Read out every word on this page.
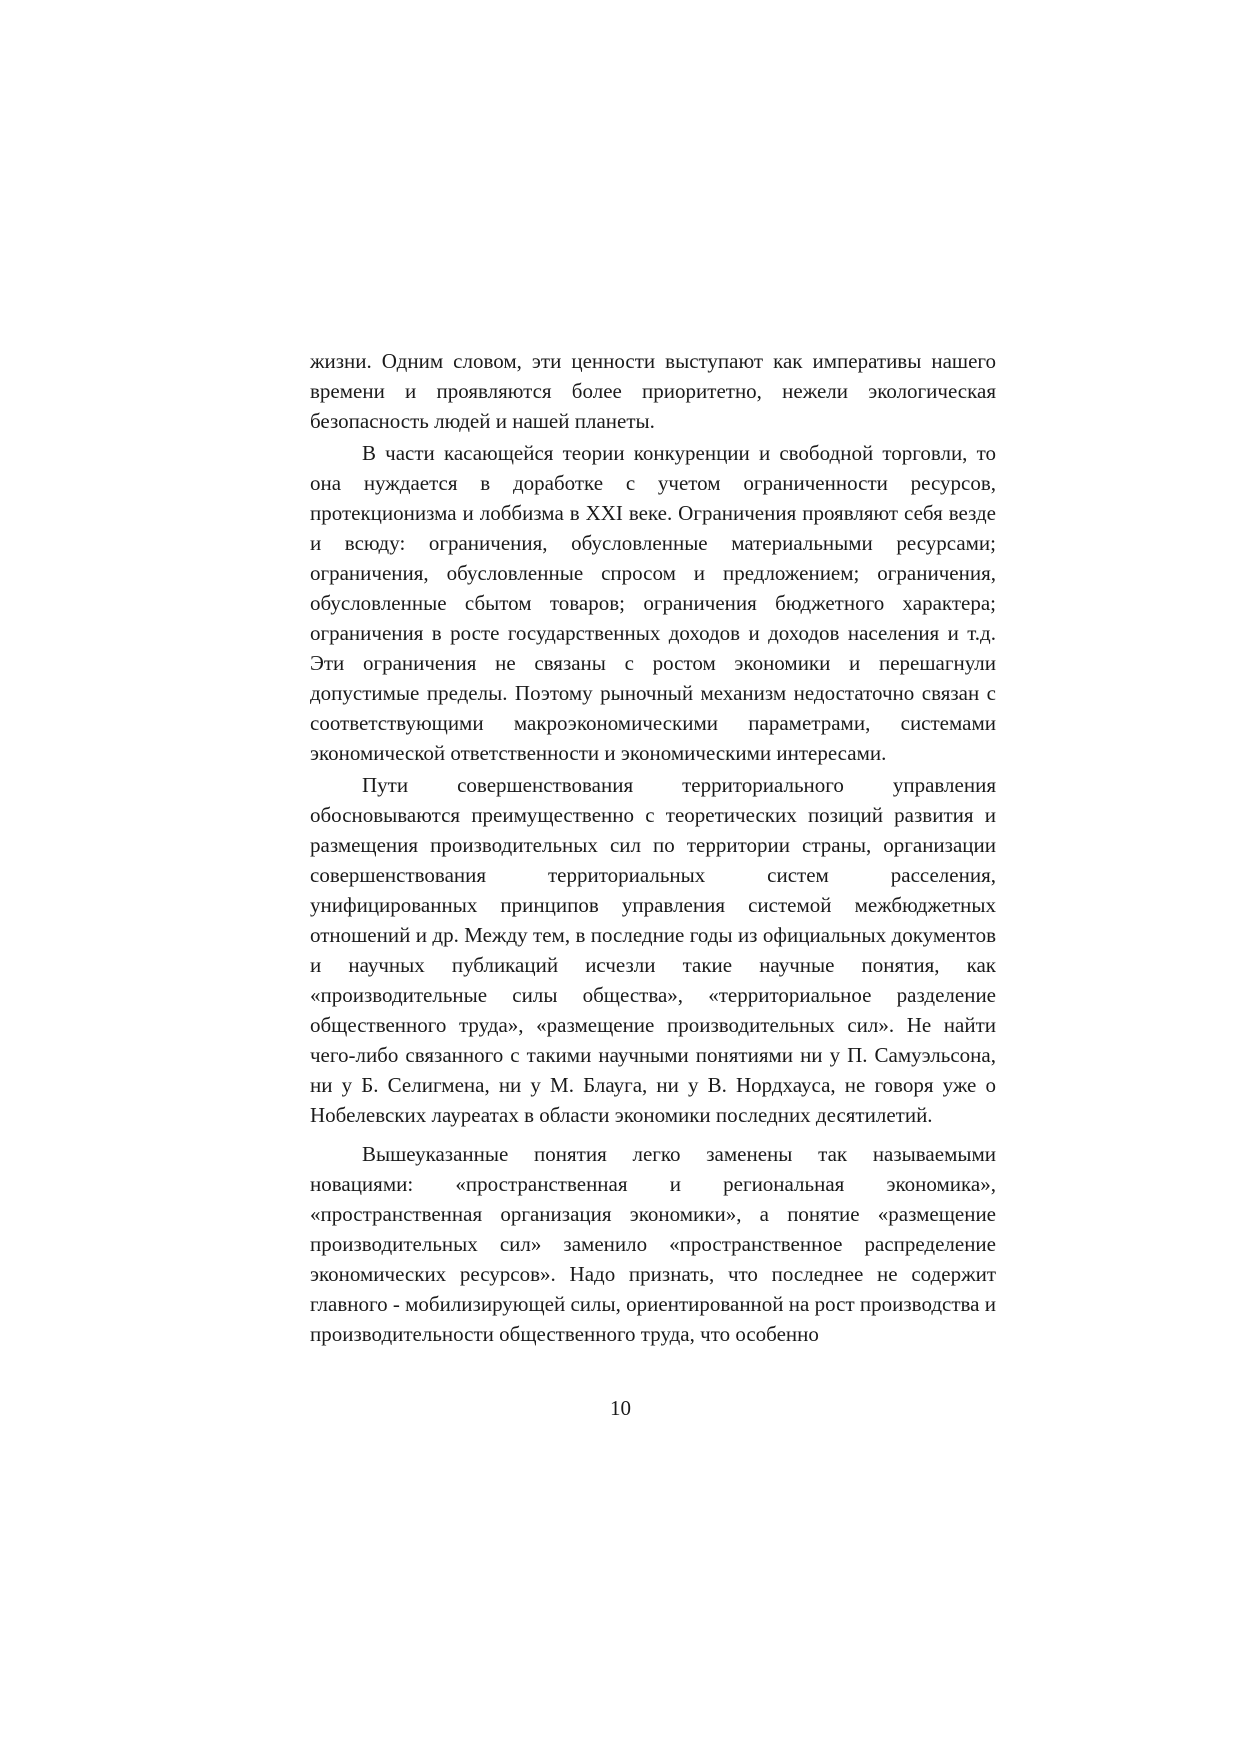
жизни. Одним словом, эти ценности выступают как императивы нашего времени и проявляются более приоритетно, нежели экологическая безопасность людей и нашей планеты.

В части касающейся теории конкуренции и свободной торговли, то она нуждается в доработке с учетом ограниченности ресурсов, протекционизма и лоббизма в XXI веке. Ограничения проявляют себя везде и всюду: ограничения, обусловленные материальными ресурсами; ограничения, обусловленные спросом и предложением; ограничения, обусловленные сбытом товаров; ограничения бюджетного характера; ограничения в росте государственных доходов и доходов населения и т.д. Эти ограничения не связаны с ростом экономики и перешагнули допустимые пределы. Поэтому рыночный механизм недостаточно связан с соответствующими макроэкономическими параметрами, системами экономической ответственности и экономическими интересами.

Пути совершенствования территориального управления обосновываются преимущественно с теоретических позиций развития и размещения производительных сил по территории страны, организации совершенствования территориальных систем расселения, унифицированных принципов управления системой межбюджетных отношений и др. Между тем, в последние годы из официальных документов и научных публикаций исчезли такие научные понятия, как «производительные силы общества», «территориальное разделение общественного труда», «размещение производительных сил». Не найти чего-либо связанного с такими научными понятиями ни у П. Самуэльсона, ни у Б. Селигмена, ни у М. Блауга, ни у В. Нордхауса, не говоря уже о Нобелевских лауреатах в области экономики последних десятилетий.

Вышеуказанные понятия легко заменены так называемыми новациями: «пространственная и региональная экономика», «пространственная организация экономики», а понятие «размещение производительных сил» заменило «пространственное распределение экономических ресурсов». Надо признать, что последнее не содержит главного - мобилизирующей силы, ориентированной на рост производства и производительности общественного труда, что особенно

10
